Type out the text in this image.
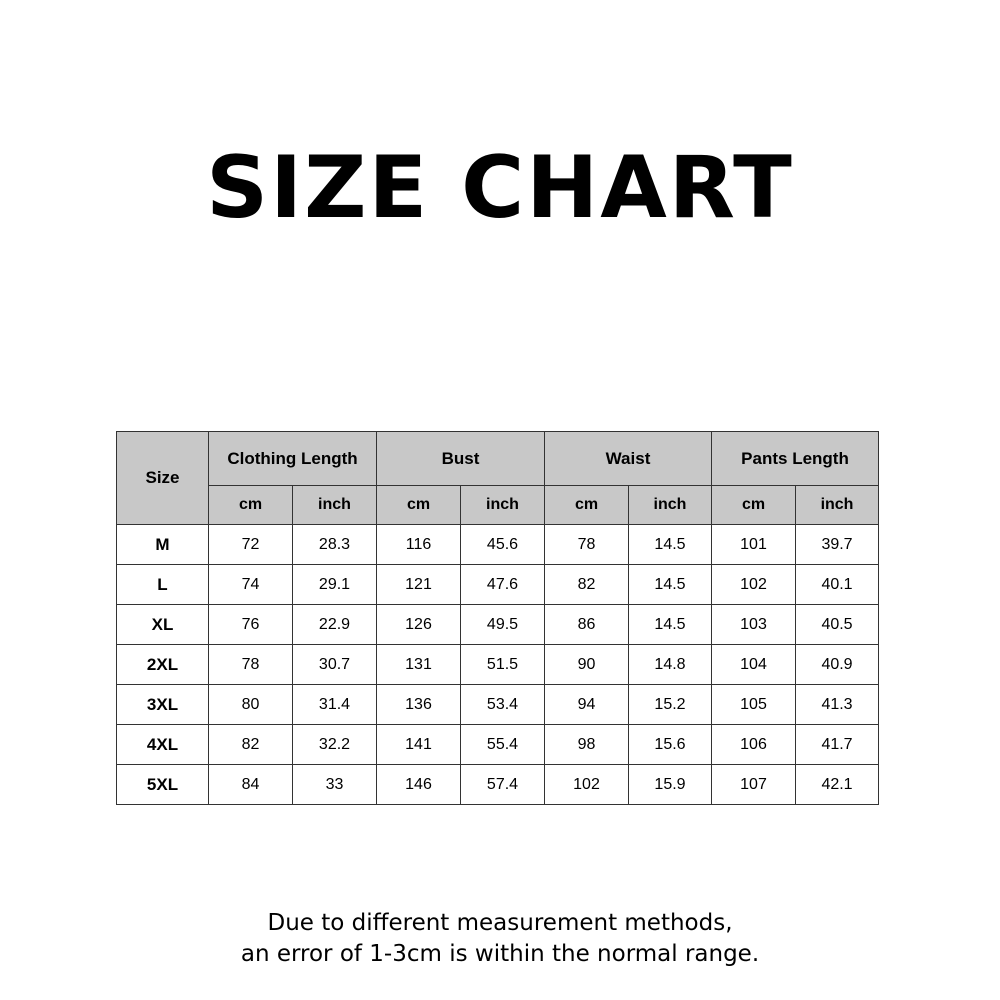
SIZE CHART
Size	Clothing Length		Bust		Waist		Pants Length	
	cm	inch	cm	inch	cm	inch	cm	inch
M	72	28.3	116	45.6	78	14.5	101	39.7
L	74	29.1	121	47.6	82	14.5	102	40.1
XL	76	22.9	126	49.5	86	14.5	103	40.5
2XL	78	30.7	131	51.5	90	14.8	104	40.9
3XL	80	31.4	136	53.4	94	15.2	105	41.3
4XL	82	32.2	141	55.4	98	15.6	106	41.7
5XL	84	33	146	57.4	102	15.9	107	42.1
Due to different measurement methods,
an error of 1-3cm is within the normal range.
